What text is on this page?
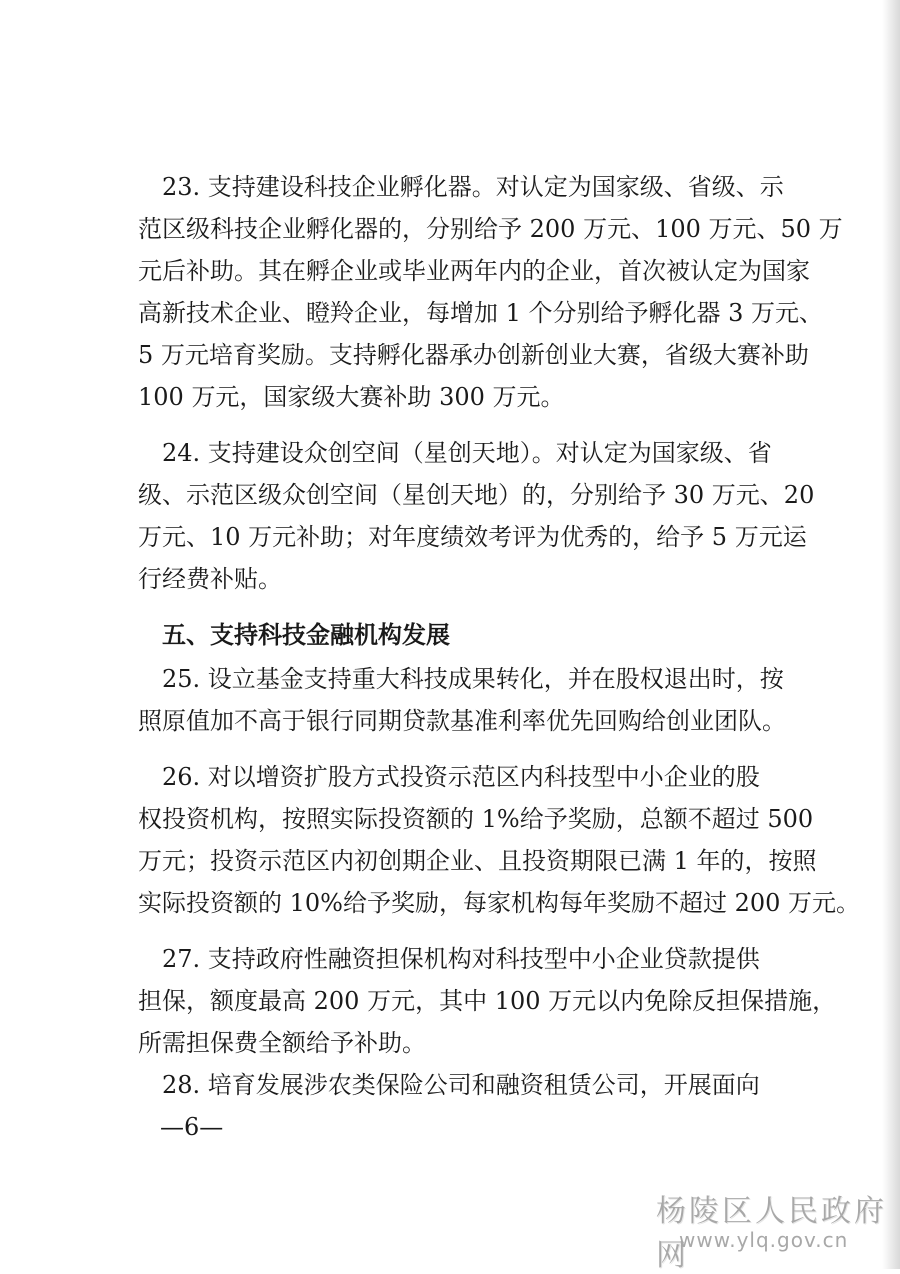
　23. 支持建设科技企业孵化器。对认定为国家级、省级、示
范区级科技企业孵化器的，分别给予 200 万元、100 万元、50 万
元后补助。其在孵企业或毕业两年内的企业，首次被认定为国家
高新技术企业、瞪羚企业，每增加 1 个分别给予孵化器 3 万元、
5 万元培育奖励。支持孵化器承办创新创业大赛，省级大赛补助
100 万元，国家级大赛补助 300 万元。
　24. 支持建设众创空间（星创天地）。对认定为国家级、省
级、示范区级众创空间（星创天地）的，分别给予 30 万元、20
万元、10 万元补助；对年度绩效考评为优秀的，给予 5 万元运
行经费补贴。
　五、支持科技金融机构发展
　25. 设立基金支持重大科技成果转化，并在股权退出时，按
照原值加不高于银行同期贷款基准利率优先回购给创业团队。
　26. 对以增资扩股方式投资示范区内科技型中小企业的股
权投资机构，按照实际投资额的 1%给予奖励，总额不超过 500
万元；投资示范区内初创期企业、且投资期限已满 1 年的，按照
实际投资额的 10%给予奖励，每家机构每年奖励不超过 200 万元。
　27. 支持政府性融资担保机构对科技型中小企业贷款提供
担保，额度最高 200 万元，其中 100 万元以内免除反担保措施，
所需担保费全额给予补助。
　28. 培育发展涉农类保险公司和融资租赁公司，开展面向
—6—
杨陵区人民政府网
www.ylq.gov.cn
